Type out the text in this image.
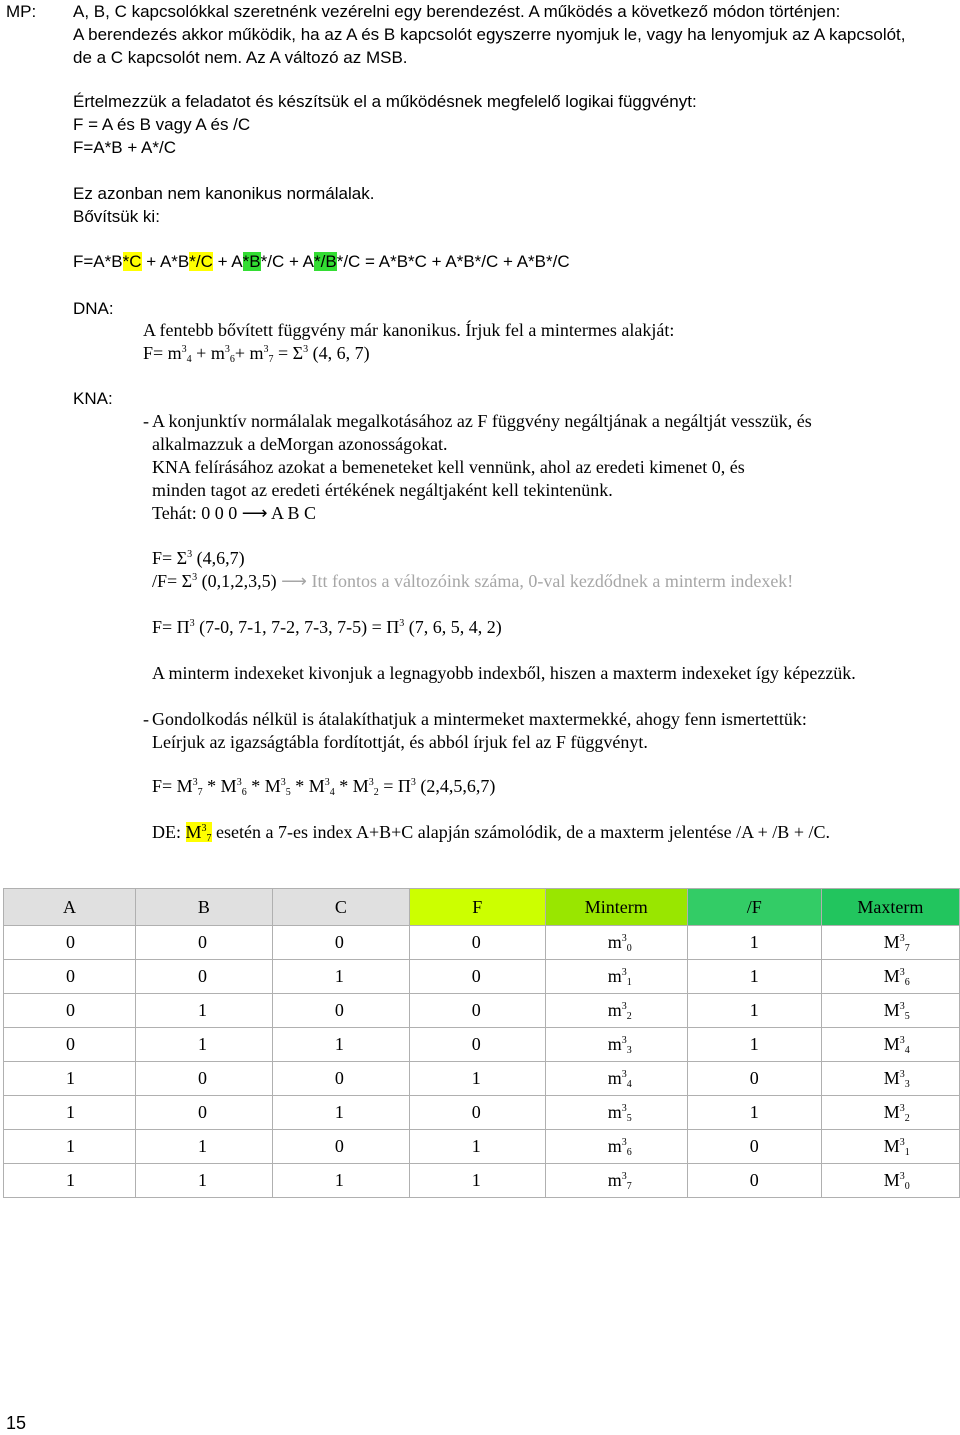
MP: A, B, C kapcsolókkal szeretnénk vezérelni egy berendezést. A működés a következő módon történjen:
A berendezés akkor működik, ha az A és B kapcsolót egyszerre nyomjuk le, vagy ha lenyomjuk az A kapcsolót,
de a C kapcsolót nem. Az A változó az MSB.
Értelmezzük a feladatot és készítsük el a működésnek megfelelő logikai függvényt:
F = A és B vagy A és /C
F=A*B + A*/C
Ez azonban nem kanonikus normálalak.
Bővítsük ki:
F=A*B*C + A*B*/C + A*B*/C + A*/B*/C = A*B*C + A*B*/C + A*B*/C
DNA:
A fentebb bővített függvény már kanonikus. Írjuk fel a mintermes alakját:
$F= m^3_4 + m^3_6+ m^3_7 = \Sigma^3$ (4, 6, 7)
KNA:
- A konjunktív normálalak megalkotásához az F függvény negáltjának a negáltját vesszük, és
alkalmazzuk a deMorgan azonosságokat.
KNA felírásához azokat a bemeneteket kell vennünk, ahol az eredeti kimenet 0, és
minden tagot az eredeti értékének negáltjaként kell tekintenünk.
Tehát: 0 0 0 ⟶ A B C
$F= \Sigma^3$ (4,6,7)
$/F= \Sigma^3$ (0,1,2,3,5) ⟶ Itt fontos a változóink száma, 0-val kezdődnek a minterm indexek!
$F= \Pi^3$ (7-0, 7-1, 7-2, 7-3, $7-5) = \Pi^3$ (7, 6, 5, 4, 2)
A minterm indexeket kivonjuk a legnagyobb indexből, hiszen a maxterm indexeket így képezzük.
- Gondolkodás nélkül is átalakíthatjuk a mintermeket maxtermekké, ahogy fenn ismertettük:
Leírjuk az igazságtábla fordítottját, és abból írjuk fel az F függvényt.
$F= M^3_7 * M^3_6 * M^3_5 * M^3_4 * M^3_2 = \Pi^3$ (2,4,5,6,7)
DE: $M^3_7$ esetén a 7-es index A+B+C alapján számolódik, de a maxterm jelentése /A + /B + /C.
A	B	C	F	Minterm	/F	Maxterm
0	0	0	0	$m^3_0$	1	$M^3_7$
0	0	1	0	$m^3_1$	1	$M^3_6$
0	1	0	0	$m^3_2$	1	$M^3_5$
0	1	1	0	$m^3_3$	1	$M^3_4$
1	0	0	1	$m^3_4$	0	$M^3_3$
1	0	1	0	$m^3_5$	1	$M^3_2$
1	1	0	1	$m^3_6$	0	$M^3_1$
1	1	1	1	$m^3_7$	0	$M^3_0$
15
